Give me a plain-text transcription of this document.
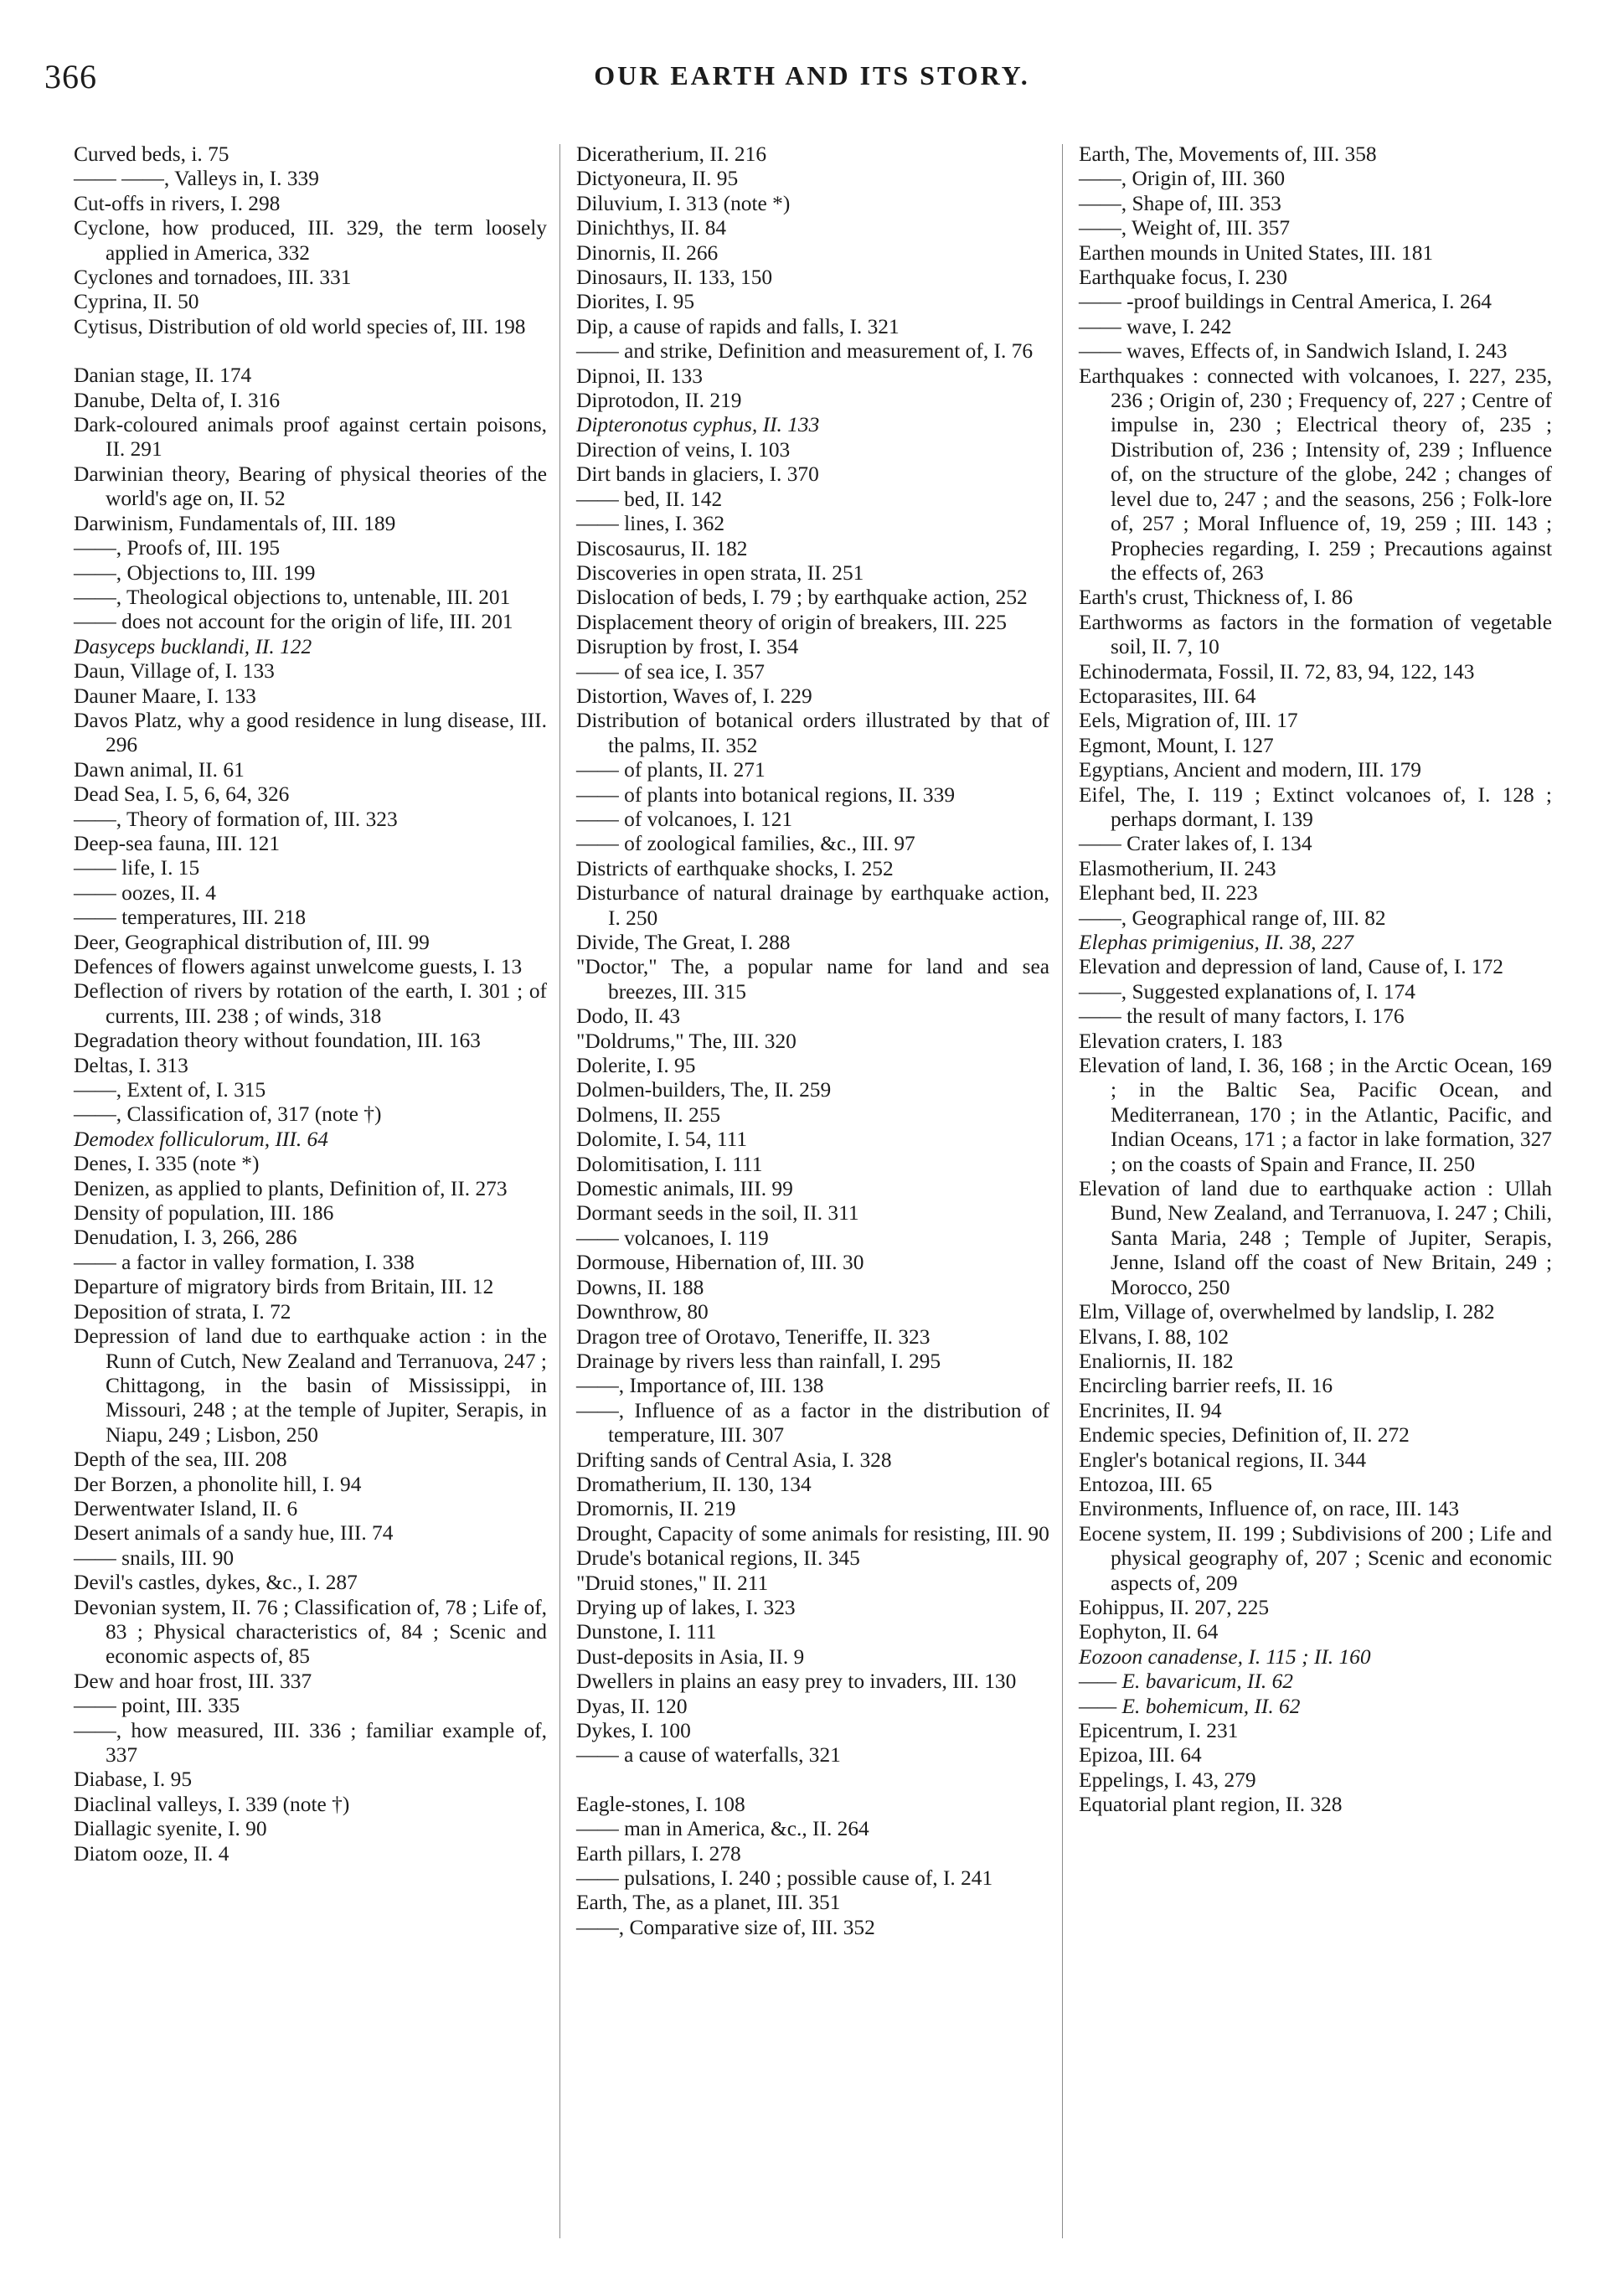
366	OUR EARTH AND ITS STORY.

Curved beds, i. 75

—— ——, Valleys in, I. 339

Cut-offs in rivers, I. 298

Cyclone, how produced, III. 329, the term loosely applied in America, 332

Cyclones and tornadoes, III. 331

Cyprina, II. 50

Cytisus, Distribution of old world species of, III. 198

Danian stage, II. 174

Danube, Delta of, I. 316

Dark-coloured animals proof against certain poisons, II. 291

Darwinian theory, Bearing of physical theories of the world's age on, II. 52

Darwinism, Fundamentals of, III. 189

——, Proofs of, III. 195

——, Objections to, III. 199

——, Theological objections to, untenable, III. 201

—— does not account for the origin of life, III. 201

Dasyceps bucklandi, II. 122

Daun, Village of, I. 133

Dauner Maare, I. 133

Davos Platz, why a good residence in lung disease, III. 296

Dawn animal, II. 61

Dead Sea, I. 5, 6, 64, 326

——, Theory of formation of, III. 323

Deep-sea fauna, III. 121

—— life, I. 15

—— oozes, II. 4

—— temperatures, III. 218

Deer, Geographical distribution of, III. 99

Defences of flowers against unwelcome guests, I. 13

Deflection of rivers by rotation of the earth, I. 301 ; of currents, III. 238 ; of winds, 318

Degradation theory without foundation, III. 163

Deltas, I. 313

——, Extent of, I. 315

——, Classification of, 317 (note †)

Demodex folliculorum, III. 64

Denes, I. 335 (note *)

Denizen, as applied to plants, Definition of, II. 273

Density of population, III. 186

Denudation, I. 3, 266, 286

—— a factor in valley formation, I. 338

Departure of migratory birds from Britain, III. 12

Deposition of strata, I. 72

Depression of land due to earthquake action : in the Runn of Cutch, New Zealand and Terranuova, 247 ; Chittagong, in the basin of Mississippi, in Missouri, 248 ; at the temple of Jupiter, Serapis, in Niapu, 249 ; Lisbon, 250

Depth of the sea, III. 208

Der Borzen, a phonolite hill, I. 94

Derwentwater Island, II. 6

Desert animals of a sandy hue, III. 74

—— snails, III. 90

Devil's castles, dykes, &c., I. 287

Devonian system, II. 76 ; Classification of, 78 ; Life of, 83 ; Physical characteristics of, 84 ; Scenic and economic aspects of, 85

Dew and hoar frost, III. 337

—— point, III. 335

——, how measured, III. 336 ; familiar example of, 337

Diabase, I. 95

Diaclinal valleys, I. 339 (note †)

Diallagic syenite, I. 90

Diatom ooze, II. 4

Diceratherium, II. 216

Dictyoneura, II. 95

Diluvium, I. 313 (note *)

Dinichthys, II. 84

Dinornis, II. 266

Dinosaurs, II. 133, 150

Diorites, I. 95

Dip, a cause of rapids and falls, I. 321

—— and strike, Definition and measurement of, I. 76

Dipnoi, II. 133

Diprotodon, II. 219

Dipteronotus cyphus, II. 133

Direction of veins, I. 103

Dirt bands in glaciers, I. 370

—— bed, II. 142

—— lines, I. 362

Discosaurus, II. 182

Discoveries in open strata, II. 251

Dislocation of beds, I. 79 ; by earthquake action, 252

Displacement theory of origin of breakers, III. 225

Disruption by frost, I. 354

—— of sea ice, I. 357

Distortion, Waves of, I. 229

Distribution of botanical orders illustrated by that of the palms, II. 352

—— of plants, II. 271

—— of plants into botanical regions, II. 339

—— of volcanoes, I. 121

—— of zoological families, &c., III. 97

Districts of earthquake shocks, I. 252

Disturbance of natural drainage by earthquake action, I. 250

Divide, The Great, I. 288

"Doctor," The, a popular name for land and sea breezes, III. 315

Dodo, II. 43

"Doldrums," The, III. 320

Dolerite, I. 95

Dolmen-builders, The, II. 259

Dolmens, II. 255

Dolomite, I. 54, 111

Dolomitisation, I. 111

Domestic animals, III. 99

Dormant seeds in the soil, II. 311

—— volcanoes, I. 119

Dormouse, Hibernation of, III. 30

Downs, II. 188

Downthrow, 80

Dragon tree of Orotavo, Teneriffe, II. 323

Drainage by rivers less than rainfall, I. 295

——, Importance of, III. 138

——, Influence of as a factor in the distribution of temperature, III. 307

Drifting sands of Central Asia, I. 328

Dromatherium, II. 130, 134

Dromornis, II. 219

Drought, Capacity of some animals for resisting, III. 90

Drude's botanical regions, II. 345

"Druid stones," II. 211

Drying up of lakes, I. 323

Dunstone, I. 111

Dust-deposits in Asia, II. 9

Dwellers in plains an easy prey to invaders, III. 130

Dyas, II. 120

Dykes, I. 100

—— a cause of waterfalls, 321

Eagle-stones, I. 108

—— man in America, &c., II. 264

Earth pillars, I. 278

—— pulsations, I. 240 ; possible cause of, I. 241

Earth, The, as a planet, III. 351

——, Comparative size of, III. 352

Earth, The, Movements of, III. 358

——, Origin of, III. 360

——, Shape of, III. 353

——, Weight of, III. 357

Earthen mounds in United States, III. 181

Earthquake focus, I. 230

—— -proof buildings in Central America, I. 264

—— wave, I. 242

—— waves, Effects of, in Sandwich Island, I. 243

Earthquakes : connected with volcanoes, I. 227, 235, 236 ; Origin of, 230 ; Frequency of, 227 ; Centre of impulse in, 230 ; Electrical theory of, 235 ; Distribution of, 236 ; Intensity of, 239 ; Influence of, on the structure of the globe, 242 ; changes of level due to, 247 ; and the seasons, 256 ; Folk-lore of, 257 ; Moral Influence of, 19, 259 ; III. 143 ; Prophecies regarding, I. 259 ; Precautions against the effects of, 263

Earth's crust, Thickness of, I. 86

Earthworms as factors in the formation of vegetable soil, II. 7, 10

Echinodermata, Fossil, II. 72, 83, 94, 122, 143

Ectoparasites, III. 64

Eels, Migration of, III. 17

Egmont, Mount, I. 127

Egyptians, Ancient and modern, III. 179

Eifel, The, I. 119 ; Extinct volcanoes of, I. 128 ; perhaps dormant, I. 139

—— Crater lakes of, I. 134

Elasmotherium, II. 243

Elephant bed, II. 223

——, Geographical range of, III. 82

Elephas primigenius, II. 38, 227

Elevation and depression of land, Cause of, I. 172

——, Suggested explanations of, I. 174

—— the result of many factors, I. 176

Elevation craters, I. 183

Elevation of land, I. 36, 168 ; in the Arctic Ocean, 169 ; in the Baltic Sea, Pacific Ocean, and Mediterranean, 170 ; in the Atlantic, Pacific, and Indian Oceans, 171 ; a factor in lake formation, 327 ; on the coasts of Spain and France, II. 250

Elevation of land due to earthquake action : Ullah Bund, New Zealand, and Terranuova, I. 247 ; Chili, Santa Maria, 248 ; Temple of Jupiter, Serapis, Jenne, Island off the coast of New Britain, 249 ; Morocco, 250

Elm, Village of, overwhelmed by landslip, I. 282

Elvans, I. 88, 102

Enaliornis, II. 182

Encircling barrier reefs, II. 16

Encrinites, II. 94

Endemic species, Definition of, II. 272

Engler's botanical regions, II. 344

Entozoa, III. 65

Environments, Influence of, on race, III. 143

Eocene system, II. 199 ; Subdivisions of 200 ; Life and physical geography of, 207 ; Scenic and economic aspects of, 209

Eohippus, II. 207, 225

Eophyton, II. 64

Eozoon canadense, I. 115 ; II. 160

—— E. bavaricum, II. 62

—— E. bohemicum, II. 62

Epicentrum, I. 231

Epizoa, III. 64

Eppelings, I. 43, 279

Equatorial plant region, II. 328
